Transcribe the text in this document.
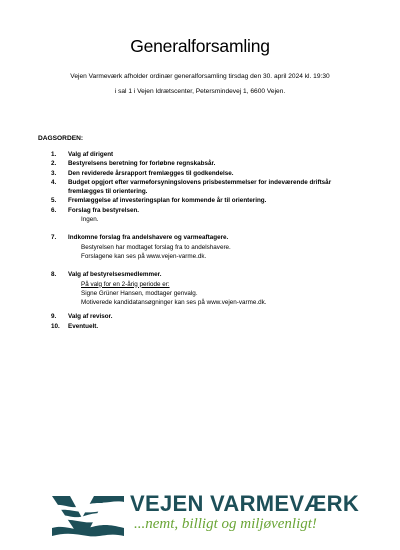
Generalforsamling
Vejen Varmeværk afholder ordinær generalforsamling tirsdag den 30. april 2024 kl. 19:30
i sal 1 i Vejen Idrætscenter, Petersmindevej 1, 6600 Vejen.
DAGSORDEN:
1.	Valg af dirigent
2.	Bestyrelsens beretning for forløbne regnskabsår.
3.	Den reviderede årsrapport fremlægges til godkendelse.
4.	Budget opgjort efter varmeforsyningslovens prisbestemmelser for indeværende driftsår
fremlægges til orientering.
5.	Fremlæggelse af investeringsplan for kommende år til orientering.
6.	Forslag fra bestyrelsen.
Ingen.
7.	Indkomne forslag fra andelshavere og varmeaftagere.
Bestyrelsen har modtaget forslag fra to andelshavere.
Forslagene kan ses på www.vejen-varme.dk.
8.	Valg af bestyrelsesmedlemmer.
På valg for en 2-årig periode er:
Signe Grüner Hansen, modtager genvalg.
Motiverede kandidatansøgninger kan ses på www.vejen-varme.dk.
9.	Valg af revisor.
10.	Eventuelt.
VEJEN VARMEVÆRK
...nemt, billigt og miljøvenligt!
